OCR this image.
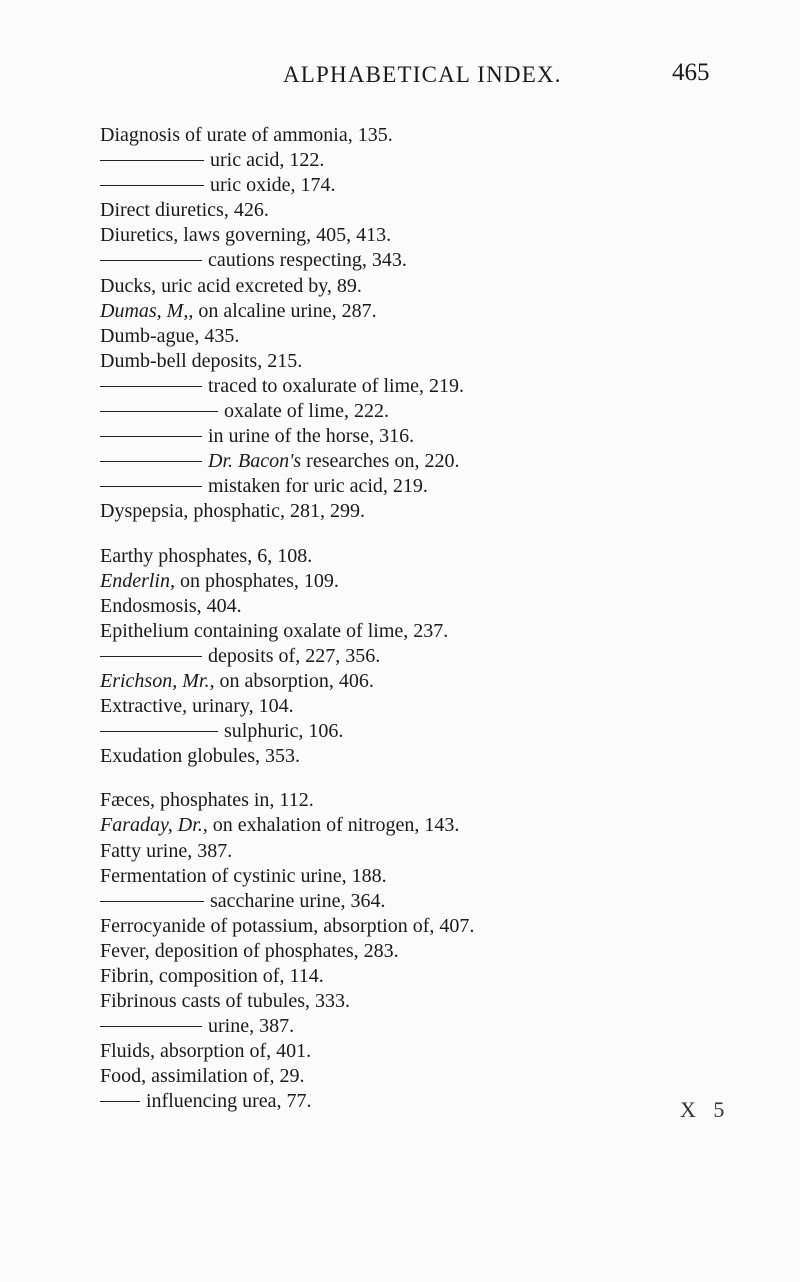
ALPHABETICAL INDEX.	465
Diagnosis of urate of ammonia, 135.
uric acid, 122.
uric oxide, 174.
Direct diuretics, 426.
Diuretics, laws governing, 405, 413.
cautions respecting, 343.
Ducks, uric acid excreted by, 89.
Dumas, M,, on alcaline urine, 287.
Dumb-ague, 435.
Dumb-bell deposits, 215.
traced to oxalurate of lime, 219.
oxalate of lime, 222.
in urine of the horse, 316.
Dr. Bacon's researches on, 220.
mistaken for uric acid, 219.
Dyspepsia, phosphatic, 281, 299.
Earthy phosphates, 6, 108.
Enderlin, on phosphates, 109.
Endosmosis, 404.
Epithelium containing oxalate of lime, 237.
deposits of, 227, 356.
Erichson, Mr., on absorption, 406.
Extractive, urinary, 104.
sulphuric, 106.
Exudation globules, 353.
Fæces, phosphates in, 112.
Faraday, Dr., on exhalation of nitrogen, 143.
Fatty urine, 387.
Fermentation of cystinic urine, 188.
saccharine urine, 364.
Ferrocyanide of potassium, absorption of, 407.
Fever, deposition of phosphates, 283.
Fibrin, composition of, 114.
Fibrinous casts of tubules, 333.
urine, 387.
Fluids, absorption of, 401.
Food, assimilation of, 29.
influencing urea, 77.	X 5
